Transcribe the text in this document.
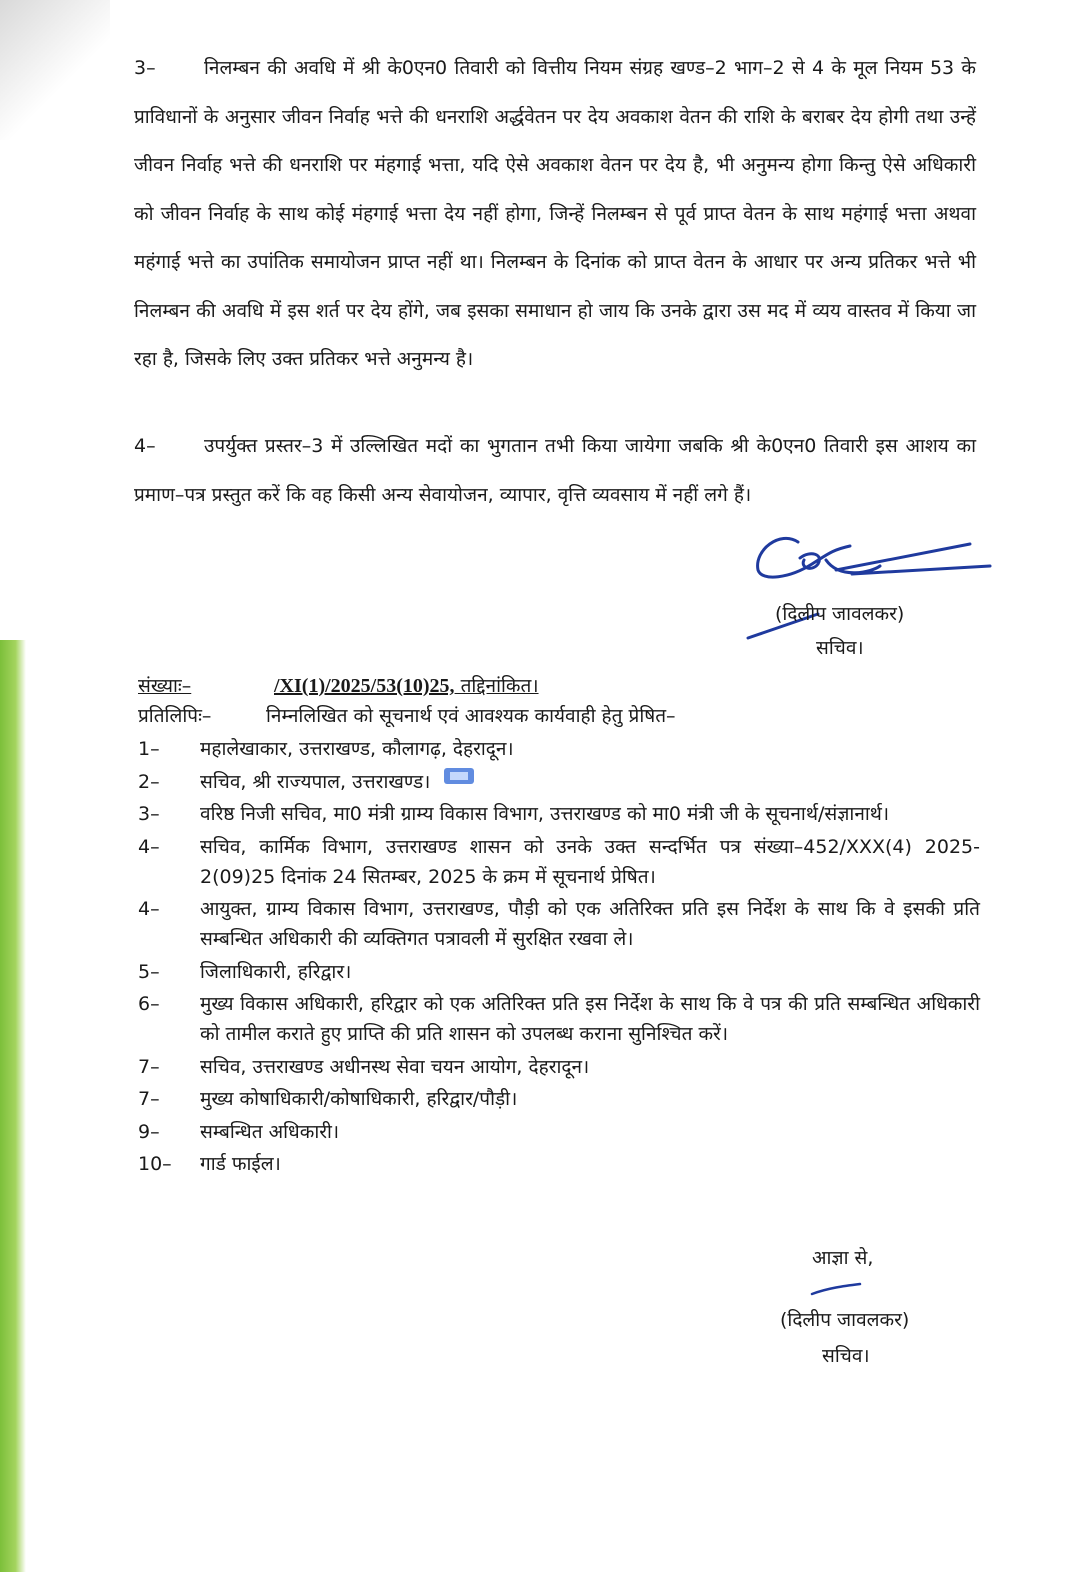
3–	निलम्बन की अवधि में श्री के0एन0 तिवारी को वित्तीय नियम संग्रह खण्ड–2 भाग–2 से 4 के मूल नियम 53 के प्राविधानों के अनुसार जीवन निर्वाह भत्ते की धनराशि अर्द्धवेतन पर देय अवकाश वेतन की राशि के बराबर देय होगी तथा उन्हें जीवन निर्वाह भत्ते की धनराशि पर मंहगाई भत्ता, यदि ऐसे अवकाश वेतन पर देय है, भी अनुमन्य होगा किन्तु ऐसे अधिकारी को जीवन निर्वाह के साथ कोई मंहगाई भत्ता देय नहीं होगा, जिन्हें निलम्बन से पूर्व प्राप्त वेतन के साथ महंगाई भत्ता अथवा महंगाई भत्ते का उपांतिक समायोजन प्राप्त नहीं था। निलम्बन के दिनांक को प्राप्त वेतन के आधार पर अन्य प्रतिकर भत्ते भी निलम्बन की अवधि में इस शर्त पर देय होंगे, जब इसका समाधान हो जाय कि उनके द्वारा उस मद में व्यय वास्तव में किया जा रहा है, जिसके लिए उक्त प्रतिकर भत्ते अनुमन्य है।
4–	उपर्युक्त प्रस्तर–3 में उल्लिखित मदों का भुगतान तभी किया जायेगा जबकि श्री के0एन0 तिवारी इस आशय का प्रमाण–पत्र प्रस्तुत करें कि वह किसी अन्य सेवायोजन, व्यापार, वृत्ति व्यवसाय में नहीं लगे हैं।
(दिलीप जावलकर)
सचिव।
संख्याः–	/XI(1)/2025/53(10)25, तद्दिनांकित।
प्रतिलिपिः–	निम्नलिखित को सूचनार्थ एवं आवश्यक कार्यवाही हेतु प्रेषित–
1–	महालेखाकार, उत्तराखण्ड, कौलागढ़, देहरादून।
2–	सचिव, श्री राज्यपाल, उत्तराखण्ड।
3–	वरिष्ठ निजी सचिव, मा0 मंत्री ग्राम्य विकास विभाग, उत्तराखण्ड को मा0 मंत्री जी के सूचनार्थ/संज्ञानार्थ।
4–	सचिव, कार्मिक विभाग, उत्तराखण्ड शासन को उनके उक्त सन्दर्भित पत्र संख्या–452/XXX(4) 2025-2(09)25 दिनांक 24 सितम्बर, 2025 के क्रम में सूचनार्थ प्रेषित।
4–	आयुक्त, ग्राम्य विकास विभाग, उत्तराखण्ड, पौड़ी को एक अतिरिक्त प्रति इस निर्देश के साथ कि वे इसकी प्रति सम्बन्धित अधिकारी की व्यक्तिगत पत्रावली में सुरक्षित रखवा ले।
5–	जिलाधिकारी, हरिद्वार।
6–	मुख्य विकास अधिकारी, हरिद्वार को एक अतिरिक्त प्रति इस निर्देश के साथ कि वे पत्र की प्रति सम्बन्धित अधिकारी को तामील कराते हुए प्राप्ति की प्रति शासन को उपलब्ध कराना सुनिश्चित करें।
7–	सचिव, उत्तराखण्ड अधीनस्थ सेवा चयन आयोग, देहरादून।
7–	मुख्य कोषाधिकारी/कोषाधिकारी, हरिद्वार/पौड़ी।
9–	सम्बन्धित अधिकारी।
10–	गार्ड फाईल।
आज्ञा से,
(दिलीप जावलकर)
सचिव।
